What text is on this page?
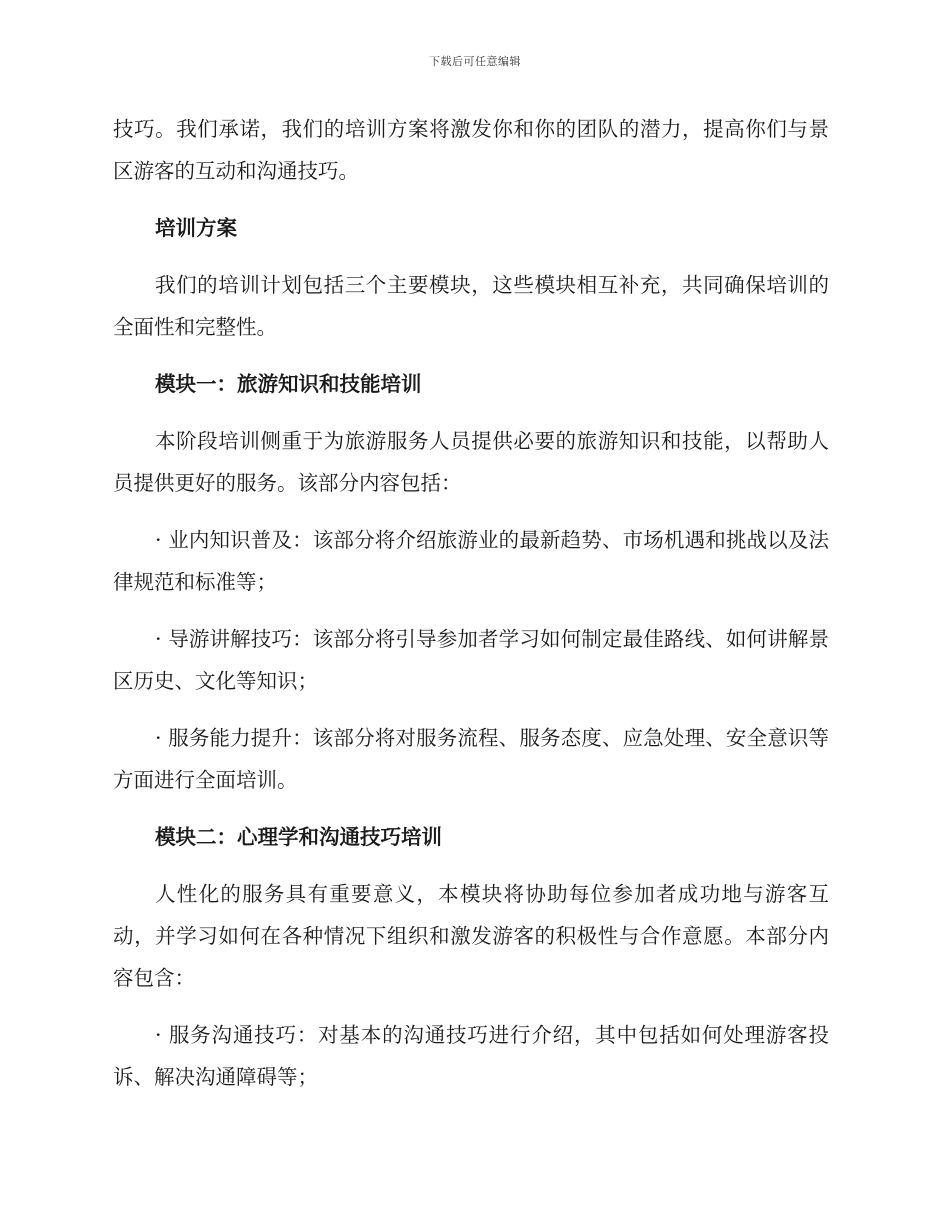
下载后可任意编辑

技巧。我们承诺，我们的培训方案将激发你和你的团队的潜力，提高你们与景区游客的互动和沟通技巧。

培训方案

我们的培训计划包括三个主要模块，这些模块相互补充，共同确保培训的全面性和完整性。

模块一：旅游知识和技能培训

本阶段培训侧重于为旅游服务人员提供必要的旅游知识和技能，以帮助人员提供更好的服务。该部分内容包括：

· 业内知识普及：该部分将介绍旅游业的最新趋势、市场机遇和挑战以及法律规范和标准等；

· 导游讲解技巧：该部分将引导参加者学习如何制定最佳路线、如何讲解景区历史、文化等知识；

· 服务能力提升：该部分将对服务流程、服务态度、应急处理、安全意识等方面进行全面培训。

模块二：心理学和沟通技巧培训

人性化的服务具有重要意义，本模块将协助每位参加者成功地与游客互动，并学习如何在各种情况下组织和激发游客的积极性与合作意愿。本部分内容包含：

· 服务沟通技巧：对基本的沟通技巧进行介绍，其中包括如何处理游客投诉、解决沟通障碍等；
